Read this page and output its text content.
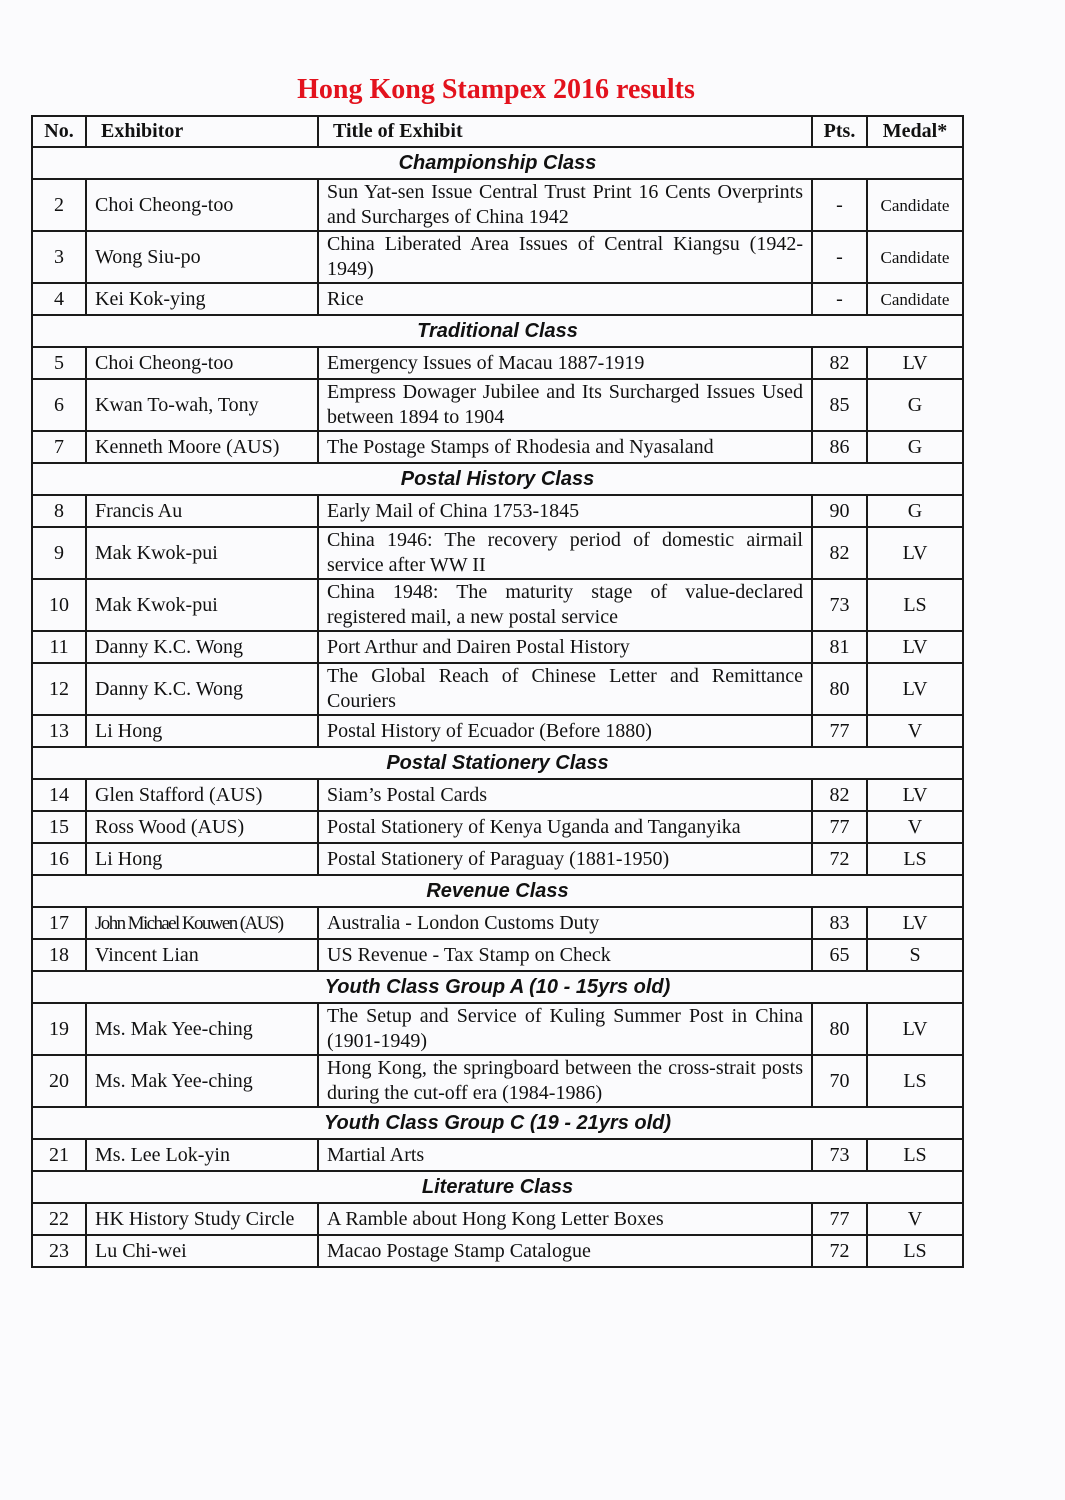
Hong Kong Stampex 2016 results
No.	Exhibitor	Title of Exhibit	Pts.	Medal*
Championship Class				
2	Choi Cheong-too	Sun Yat-sen Issue Central Trust Print 16 Cents Overprints and Surcharges of China 1942	-	Candidate
3	Wong Siu-po	China Liberated Area Issues of Central Kiangsu (1942-1949)	-	Candidate
4	Kei Kok-ying	Rice	-	Candidate
Traditional Class				
5	Choi Cheong-too	Emergency Issues of Macau 1887-1919	82	LV
6	Kwan To-wah, Tony	Empress Dowager Jubilee and Its Surcharged Issues Used between 1894 to 1904	85	G
7	Kenneth Moore (AUS)	The Postage Stamps of Rhodesia and Nyasaland	86	G
Postal History Class				
8	Francis Au	Early Mail of China 1753-1845	90	G
9	Mak Kwok-pui	China 1946: The recovery period of domestic airmail service after WW II	82	LV
10	Mak Kwok-pui	China 1948: The maturity stage of value-declared registered mail, a new postal service	73	LS
11	Danny K.C. Wong	Port Arthur and Dairen Postal History	81	LV
12	Danny K.C. Wong	The Global Reach of Chinese Letter and Remittance Couriers	80	LV
13	Li Hong	Postal History of Ecuador (Before 1880)	77	V
Postal Stationery Class				
14	Glen Stafford (AUS)	Siam’s Postal Cards	82	LV
15	Ross Wood (AUS)	Postal Stationery of Kenya Uganda and Tanganyika	77	V
16	Li Hong	Postal Stationery of Paraguay (1881-1950)	72	LS
Revenue Class				
17	John Michael Kouwen (AUS)	Australia - London Customs Duty	83	LV
18	Vincent Lian	US Revenue - Tax Stamp on Check	65	S
Youth Class Group A (10 - 15yrs old)				
19	Ms. Mak Yee-ching	The Setup and Service of Kuling Summer Post in China (1901-1949)	80	LV
20	Ms. Mak Yee-ching	Hong Kong, the springboard between the cross-strait posts during the cut-off era (1984-1986)	70	LS
Youth Class Group C (19 - 21yrs old)				
21	Ms. Lee Lok-yin	Martial Arts	73	LS
Literature Class				
22	HK History Study Circle	A Ramble about Hong Kong Letter Boxes	77	V
23	Lu Chi-wei	Macao Postage Stamp Catalogue	72	LS
